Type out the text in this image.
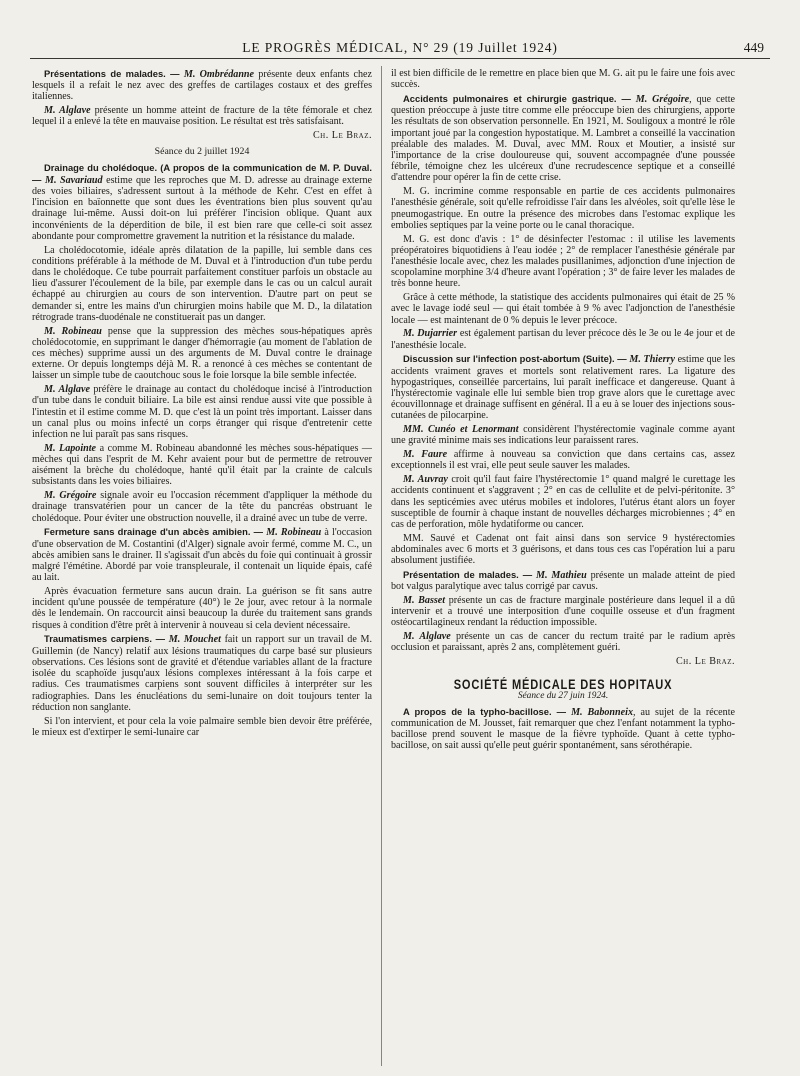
LE PROGRÈS MÉDICAL, N° 29 (19 Juillet 1924)	449

Présentations de malades. — M. Ombrédanne présente deux enfants chez lesquels il a refait le nez avec des greffes de cartilages costaux et des greffes italiennes.

M. Alglave présente un homme atteint de fracture de la tête fémorale et chez lequel il a enlevé la tête en mauvaise position. Le résultat est très satisfaisant.

Ch. Le Braz.
Séance du 2 juillet 1924

Drainage du cholédoque. (A propos de la communication de M. P. Duval. — M. Savariaud estime que les reproches que M. D. adresse au drainage externe des voies biliaires, s'adressent surtout à la méthode de Kehr. C'est en effet à l'incision en baïonnette que sont dues les éventrations bien plus souvent qu'au drainage lui-même. Aussi doit-on lui préférer l'incision oblique. Quant aux inconvénients de la déperdition de bile, il est bien rare que celle-ci soit assez abondante pour compromettre gravement la nutrition et la résistance du malade.

La cholédocotomie, idéale après dilatation de la papille, lui semble dans ces conditions préférable à la méthode de M. Duval et à l'introduction d'un tube perdu dans le cholédoque. Ce tube pourrait parfaitement constituer parfois un obstacle au lieu d'assurer l'écoulement de la bile, par exemple dans le cas ou un calcul aurait échappé au chirurgien au cours de son intervention. D'autre part on peut se demander si, entre les mains d'un chirurgien moins habile que M. D., la dilatation rétrograde trans-duodénale ne constituerait pas un danger.

M. Robineau pense que la suppression des mèches sous-hépatiques après cholédocotomie, en supprimant le danger d'hémorragie (au moment de l'ablation de ces mèches) supprime aussi un des arguments de M. Duval contre le drainage externe. Or depuis longtemps déjà M. R. a renoncé à ces mèches se contentant de laisser un simple tube de caoutchouc sous le foie lorsque la bile semble infectée.

M. Alglave préfère le drainage au contact du cholédoque incisé à l'introduction d'un tube dans le conduit biliaire. La bile est ainsi rendue aussi vite que possible à l'intestin et il estime comme M. D. que c'est là un point très important. Laisser dans un canal plus ou moins infecté un corps étranger qui risque d'entretenir cette infection ne lui paraît pas sans risques.

M. Lapointe a comme M. Robineau abandonné les mèches sous-hépatiques — mèches qui dans l'esprit de M. Kehr avaient pour but de permettre de retrouver aisément la brèche du cholédoque, hanté qu'il était par la crainte de calculs subsistants dans les voies biliaires.

M. Grégoire signale avoir eu l'occasion récemment d'appliquer la méthode du drainage transvatérien pour un cancer de la tête du pancréas obstruant le cholédoque. Pour éviter une obstruction nouvelle, il a drainé avec un tube de verre.

Fermeture sans drainage d'un abcès amibien. — M. Robineau à l'occasion d'une observation de M. Costantini (d'Alger) signale avoir fermé, comme M. C., un abcès amibien sans le drainer. Il s'agissait d'un abcès du foie qui continuait à grossir malgré l'émétine. Abordé par voie transpleurale, il contenait un liquide épais, café au lait.

Après évacuation fermeture sans aucun drain. La guérison se fit sans autre incident qu'une poussée de température (40°) le 2e jour, avec retour à la normale dès le lendemain. On raccourcit ainsi beaucoup la durée du traitement sans grands risques à condition d'être prêt à intervenir à nouveau si cela devient nécessaire.

Traumatismes carpiens. — M. Mouchet fait un rapport sur un travail de M. Guillemin (de Nancy) relatif aux lésions traumatiques du carpe basé sur plusieurs observations. Ces lésions sont de gravité et d'étendue variables allant de la fracture isolée du scaphoïde jusqu'aux lésions complexes intéressant à la fois carpe et radius. Ces traumatismes carpiens sont souvent difficiles à interpréter sur les radiographies. Dans les énucléations du semi-lunaire on doit toujours tenter la réduction non sanglante.

Si l'on intervient, et pour cela la voie palmaire semble bien devoir être préférée, le mieux est d'extirper le semi-lunaire car

il est bien difficile de le remettre en place bien que M. G. ait pu le faire une fois avec succès.

Accidents pulmonaires et chirurgie gastrique. — M. Grégoire, que cette question préoccupe à juste titre comme elle préoccupe bien des chirurgiens, apporte les résultats de son observation personnelle. En 1921, M. Souligoux a montré le rôle important joué par la congestion hypostatique. M. Lambret a conseillé la vaccination préalable des malades. M. Duval, avec MM. Roux et Moutier, a insisté sur l'importance de la crise douloureuse qui, souvent accompagnée d'une poussée fébrile, témoigne chez les ulcéreux d'une recrudescence septique et a conseillé d'attendre pour opérer la fin de cette crise.

M. G. incrimine comme responsable en partie de ces accidents pulmonaires l'anesthésie générale, soit qu'elle refroidisse l'air dans les alvéoles, soit qu'elle lèse le pneumogastrique. En outre la présence des microbes dans l'estomac explique les embolies septiques par la veine porte ou le canal thoracique.

M. G. est donc d'avis : 1° de désinfecter l'estomac : il utilise les lavements préopératoires biquotidiens à l'eau iodée ; 2° de remplacer l'anesthésie générale par l'anesthésie locale avec, chez les malades pusillanimes, adjonction d'une injection de scopolamine morphine 3/4 d'heure avant l'opération ; 3° de faire lever les malades de très bonne heure.

Grâce à cette méthode, la statistique des accidents pulmonaires qui était de 25 % avec le lavage iodé seul — qui était tombée à 9 % avec l'adjonction de l'anesthésie locale — est maintenant de 0 % depuis le lever précoce.

M. Dujarrier est également partisan du lever précoce dès le 3e ou le 4e jour et de l'anesthésie locale.

Discussion sur l'infection post-abortum (Suite). — M. Thierry estime que les accidents vraiment graves et mortels sont relativement rares. La ligature des hypogastriques, conseillée parcertains, lui paraît inefficace et dangereuse. Quant à l'hystérectomie vaginale elle lui semble bien trop grave alors que le curettage avec écouvillonnage et drainage suffisent en général. Il a eu à se louer des injections sous-cutanées de pilocarpine.

MM. Cunéo et Lenormant considèrent l'hystérectomie vaginale comme ayant une gravité minime mais ses indications leur paraissent rares.

M. Faure affirme à nouveau sa conviction que dans certains cas, assez exceptionnels il est vrai, elle peut seule sauver les malades.

M. Auvray croit qu'il faut faire l'hystérectomie 1° quand malgré le curettage les accidents continuent et s'aggravent ; 2° en cas de cellulite et de pelvi-péritonite. 3° dans les septicémies avec utérus mobiles et indolores, l'utérus étant alors un foyer susceptible de fournir à chaque instant de nouvelles décharges microbiennes ; 4° en cas de perforation, môle hydatiforme ou cancer.

MM. Sauvé et Cadenat ont fait ainsi dans son service 9 hystérectomies abdominales avec 6 morts et 3 guérisons, et dans tous ces cas l'opération lui a paru absolument justifiée.

Présentation de malades. — M. Mathieu présente un malade atteint de pied bot valgus paralytique avec talus corrigé par cavus.

M. Basset présente un cas de fracture marginale postérieure dans lequel il a dû intervenir et a trouvé une interposition d'une coquille osseuse et d'un fragment ostéocartilagineux rendant la réduction impossible.

M. Alglave présente un cas de cancer du rectum traité par le radium après occlusion et paraissant, après 2 ans, complètement guéri.

Ch. Le Braz.
SOCIÉTÉ MÉDICALE DES HOPITAUX
Séance du 27 juin 1924.

A propos de la typho-bacillose. — M. Babonneix, au sujet de la récente communication de M. Jousset, fait remarquer que chez l'enfant notamment la typho-bacillose prend souvent le masque de la fièvre typhoïde. Quant à cette typho-bacillose, on sait aussi qu'elle peut guérir spontanément, sans sérothérapie.
